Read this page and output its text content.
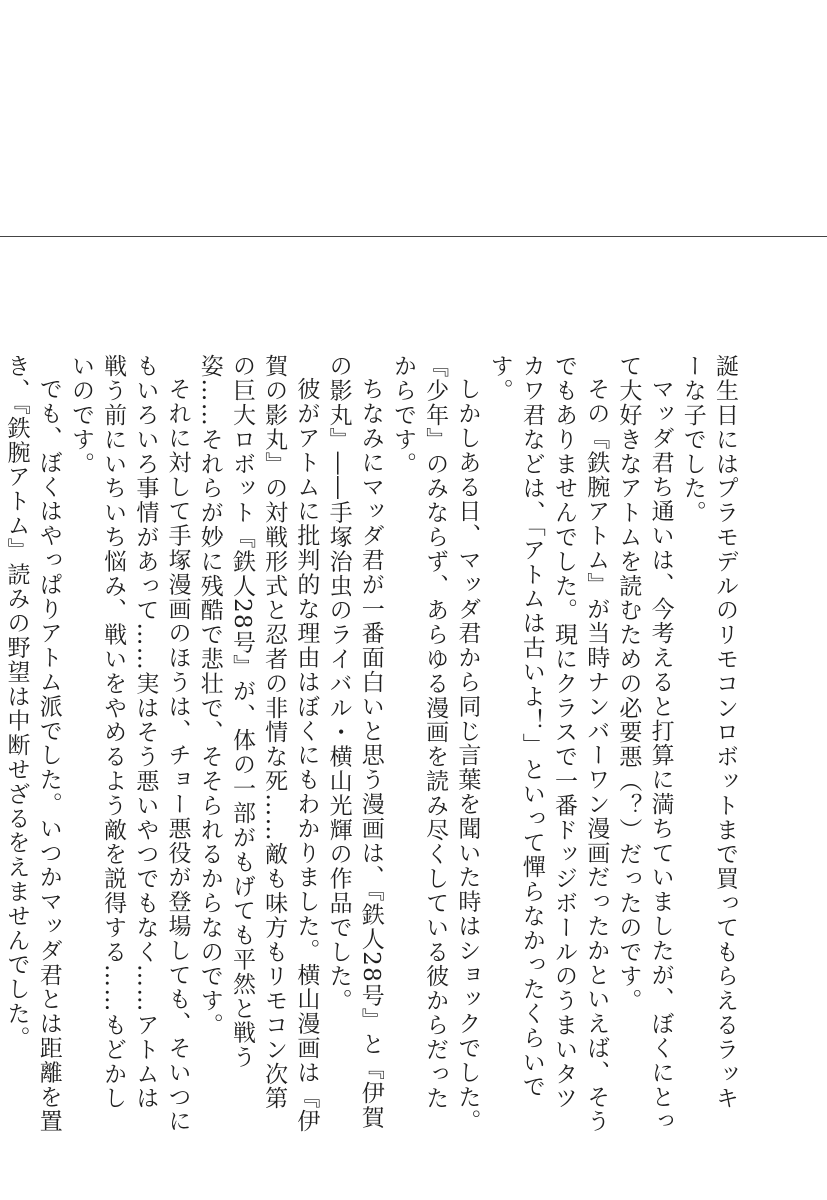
誕生日にはプラモデルのリモコンロボットまで買ってもらえるラッキーな子でした。

マッダ君ち通いは、今考えると打算に満ちていましたが、ぼくにとって大好きなアトムを読むための必要悪（？）だったのです。

その『鉄腕アトム』が当時ナンバーワン漫画だったかといえば、そうでもありませんでした。現にクラスで一番ドッジボールのうまいタツカワ君などは、「アトムは古いよ！」といって憚らなかったくらいです。

しかしある日、マッダ君から同じ言葉を聞いた時はショックでした。『少年』のみならず、あらゆる漫画を読み尽くしている彼からだったからです。

ちなみにマッダ君が一番面白いと思う漫画は、『鉄人28号』と『伊賀の影丸』――手塚治虫のライバル・横山光輝の作品でした。

彼がアトムに批判的な理由はぼくにもわかりました。横山漫画は『伊賀の影丸』の対戦形式と忍者の非情な死……敵も味方もリモコン次第の巨大ロボット『鉄人28号』が、体の一部がもげても平然と戦う姿……それらが妙に残酷で悲壮で、そそられるからなのです。

それに対して手塚漫画のほうは、チョー悪役が登場しても、そいつにもいろいろ事情があって……実はそう悪いやつでもなく……アトムは戦う前にいちいち悩み、戦いをやめるよう敵を説得する……もどかしいのです。

でも、ぼくはやっぱりアトム派でした。いつかマッダ君とは距離を置き、『鉄腕アトム』読みの野望は中断せざるをえませんでした。
